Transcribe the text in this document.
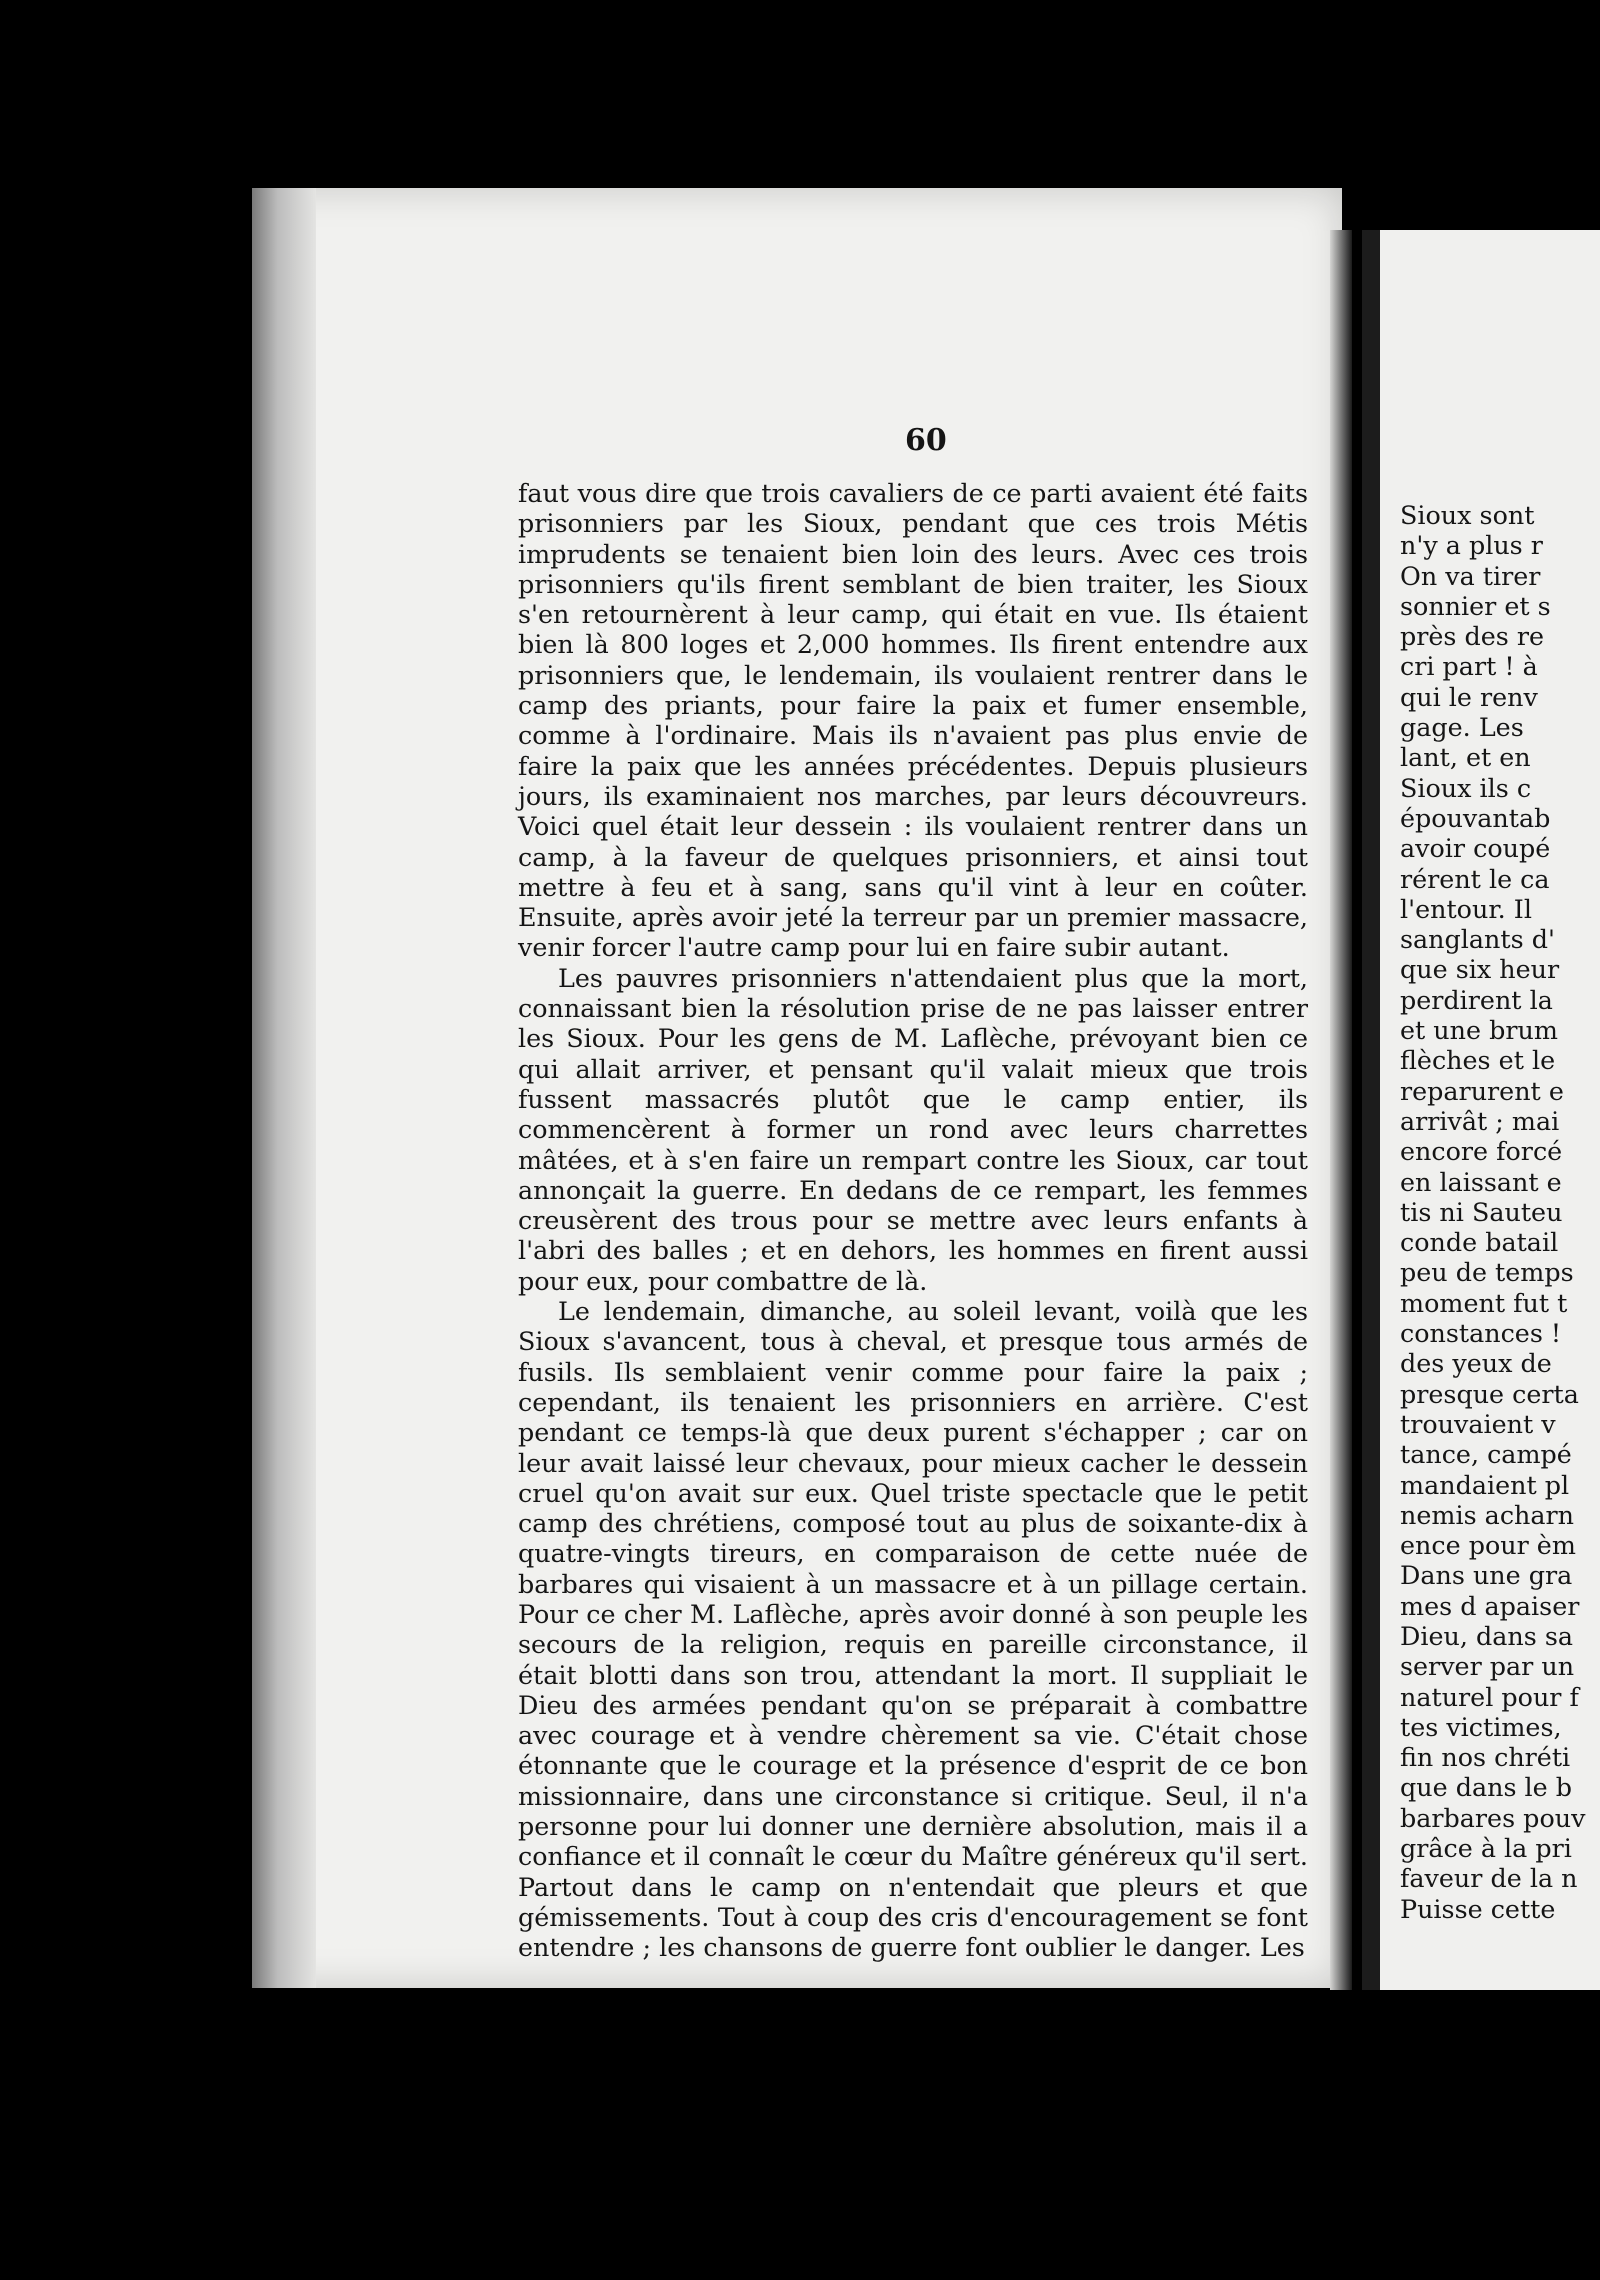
60

faut vous dire que trois cavaliers de ce parti avaient été faits prisonniers par les Sioux, pendant que ces trois Métis imprudents se tenaient bien loin des leurs. Avec ces trois prisonniers qu'ils firent semblant de bien traiter, les Sioux s'en retournèrent à leur camp, qui était en vue. Ils étaient bien là 800 loges et 2,000 hommes. Ils firent entendre aux prisonniers que, le lendemain, ils voulaient rentrer dans le camp des priants, pour faire la paix et fumer ensemble, comme à l'ordinaire. Mais ils n'avaient pas plus envie de faire la paix que les années précédentes. Depuis plusieurs jours, ils examinaient nos marches, par leurs découvreurs. Voici quel était leur dessein : ils voulaient rentrer dans un camp, à la faveur de quelques prisonniers, et ainsi tout mettre à feu et à sang, sans qu'il vint à leur en coûter. Ensuite, après avoir jeté la terreur par un premier massacre, venir forcer l'autre camp pour lui en faire subir autant.

Les pauvres prisonniers n'attendaient plus que la mort, connaissant bien la résolution prise de ne pas laisser entrer les Sioux. Pour les gens de M. Laflèche, prévoyant bien ce qui allait arriver, et pensant qu'il valait mieux que trois fussent massacrés plutôt que le camp entier, ils commencèrent à former un rond avec leurs charrettes mâtées, et à s'en faire un rempart contre les Sioux, car tout annonçait la guerre. En dedans de ce rempart, les femmes creusèrent des trous pour se mettre avec leurs enfants à l'abri des balles ; et en dehors, les hommes en firent aussi pour eux, pour combattre de là.

Le lendemain, dimanche, au soleil levant, voilà que les Sioux s'avancent, tous à cheval, et presque tous armés de fusils. Ils semblaient venir comme pour faire la paix ; cependant, ils tenaient les prisonniers en arrière. C'est pendant ce temps-là que deux purent s'échapper ; car on leur avait laissé leur chevaux, pour mieux cacher le dessein cruel qu'on avait sur eux. Quel triste spectacle que le petit camp des chrétiens, composé tout au plus de soixante-dix à quatre-vingts tireurs, en comparaison de cette nuée de barbares qui visaient à un massacre et à un pillage certain. Pour ce cher M. Laflèche, après avoir donné à son peuple les secours de la religion, requis en pareille circonstance, il était blotti dans son trou, attendant la mort. Il suppliait le Dieu des armées pendant qu'on se préparait à combattre avec courage et à vendre chèrement sa vie. C'était chose étonnante que le courage et la présence d'esprit de ce bon missionnaire, dans une circonstance si critique. Seul, il n'a personne pour lui donner une dernière absolution, mais il a confiance et il connaît le cœur du Maître généreux qu'il sert. Partout dans le camp on n'entendait que pleurs et que gémissements. Tout à coup des cris d'encouragement se font entendre ; les chansons de guerre font oublier le danger. Les

Sioux sont
n'y a plus r
On va tirer
sonnier et s
près des re
cri part ! à
qui le renv
gage. Les
lant, et en
Sioux ils c
épouvantab
avoir coupé
rérent le ca
l'entour. Il
sanglants d'
que six heur
perdirent la
et une brum
flèches et le
reparurent e
arrivât ; mai
encore forcé
en laissant e
tis ni Sauteu
conde batail
peu de temps
moment fut t
constances !
des yeux de
presque certa
trouvaient v
tance, campé
mandaient pl
nemis acharn
ence pour èm
Dans une gra
mes d apaiser
Dieu, dans sa
server par un
naturel pour f
tes victimes,
fin nos chréti
que dans le b
barbares pouv
grâce à la pri
faveur de la n
Puisse cette
